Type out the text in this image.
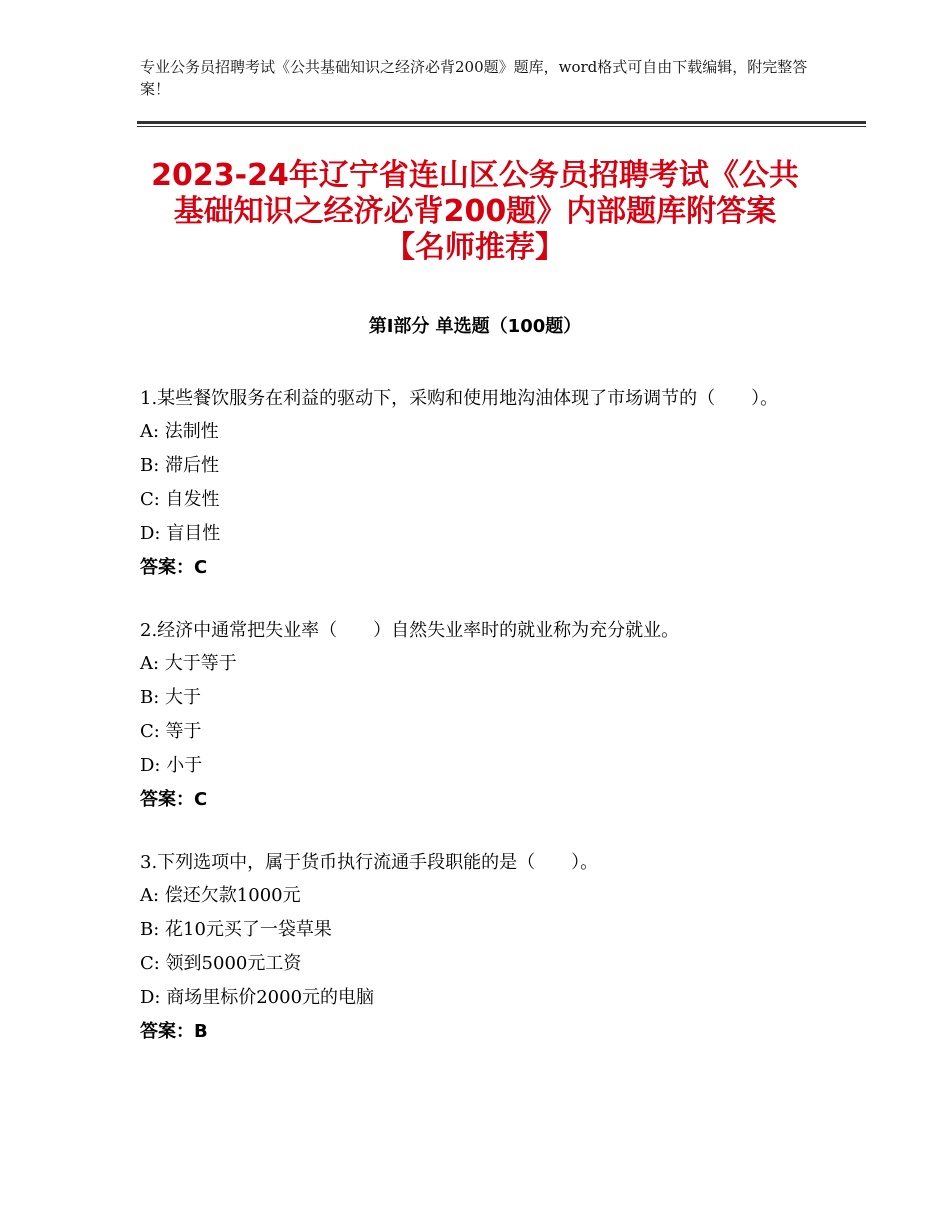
专业公务员招聘考试《公共基础知识之经济必背200题》题库，word格式可自由下载编辑，附完整答案！
2023-24年辽宁省连山区公务员招聘考试《公共基础知识之经济必背200题》内部题库附答案【名师推荐】
第I部分 单选题（100题）

1.某些餐饮服务在利益的驱动下，采购和使用地沟油体现了市场调节的（　　）。

A: 法制性

B: 滞后性

C: 自发性

D: 盲目性

答案：C

2.经济中通常把失业率（　　）自然失业率时的就业称为充分就业。

A: 大于等于

B: 大于

C: 等于

D: 小于

答案：C

3.下列选项中，属于货币执行流通手段职能的是（　　）。

A: 偿还欠款1000元

B: 花10元买了一袋草果

C: 领到5000元工资

D: 商场里标价2000元的电脑

答案：B
